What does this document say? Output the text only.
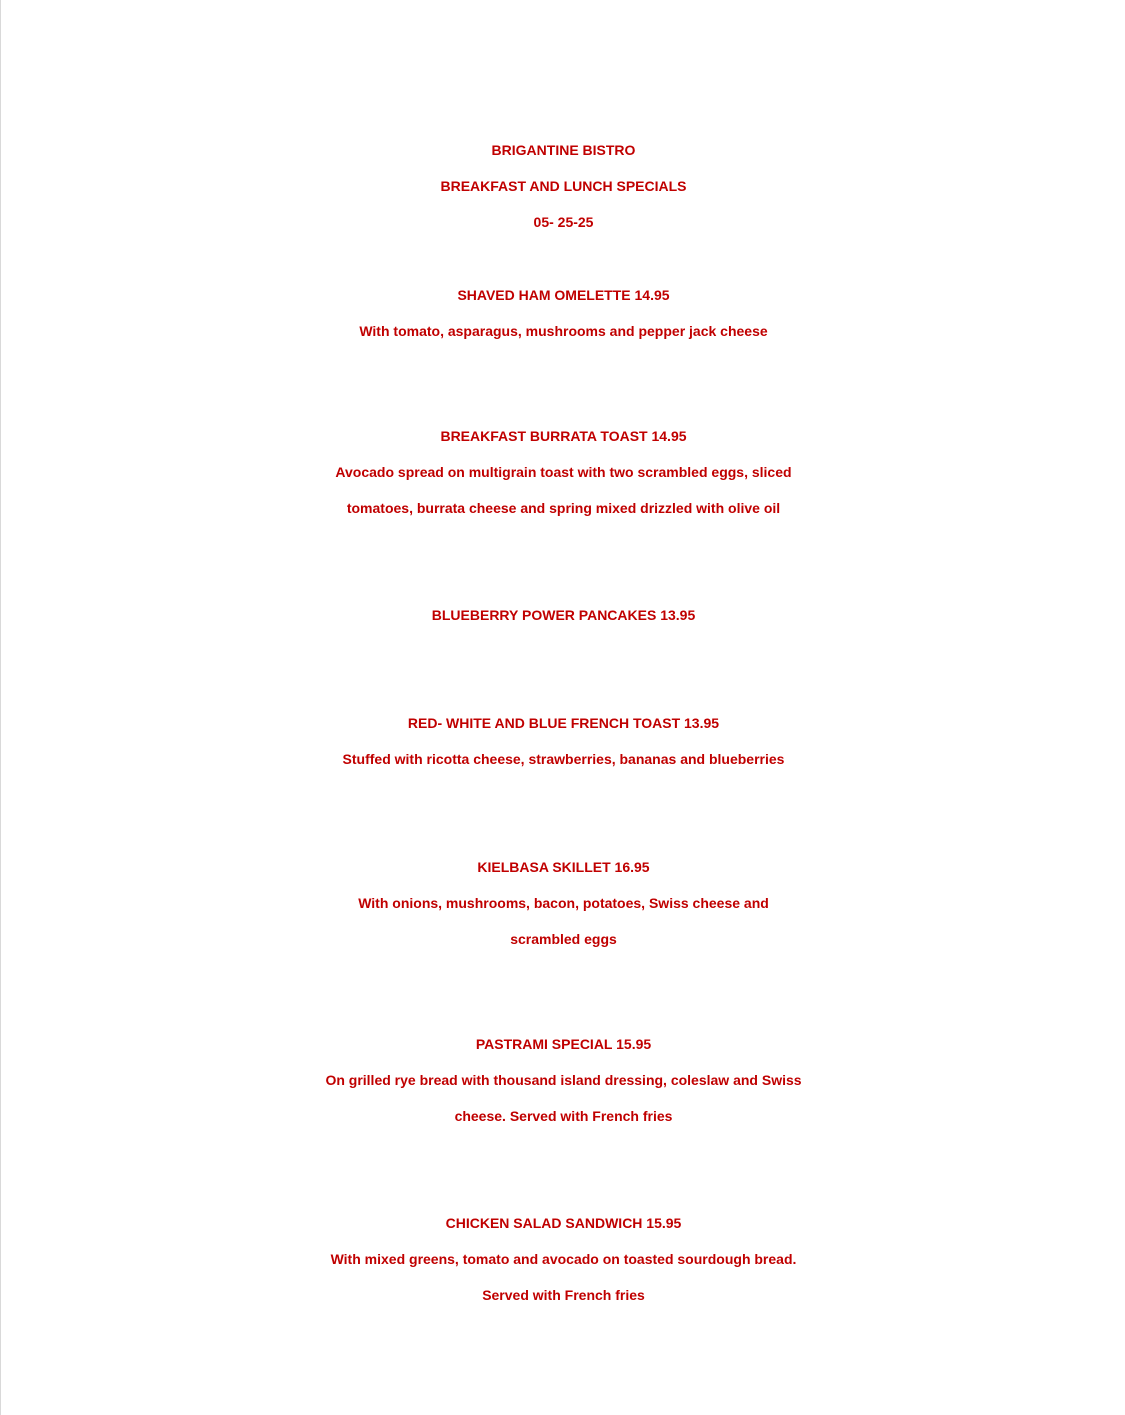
BRIGANTINE BISTRO
BREAKFAST AND LUNCH SPECIALS
05- 25-25
SHAVED HAM OMELETTE 14.95
With tomato, asparagus, mushrooms and pepper jack cheese
BREAKFAST BURRATA TOAST 14.95
Avocado spread on multigrain toast with two scrambled eggs, sliced
tomatoes, burrata cheese and spring mixed drizzled with olive oil
BLUEBERRY POWER PANCAKES 13.95
RED- WHITE AND BLUE FRENCH TOAST 13.95
Stuffed with ricotta cheese, strawberries, bananas and blueberries
KIELBASA SKILLET 16.95
With onions, mushrooms, bacon, potatoes, Swiss cheese and
scrambled eggs
PASTRAMI SPECIAL 15.95
On grilled rye bread with thousand island dressing, coleslaw and Swiss
cheese. Served with French fries
CHICKEN SALAD SANDWICH 15.95
With mixed greens, tomato and avocado on toasted sourdough bread.
Served with French fries
